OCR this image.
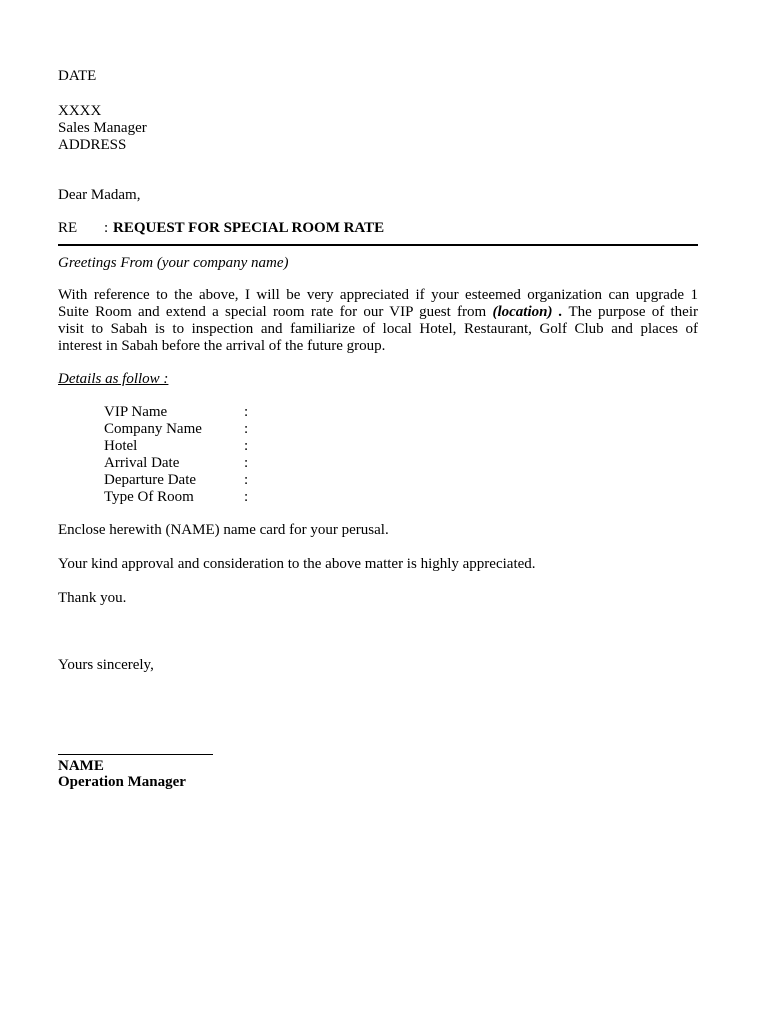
DATE
XXXX
Sales Manager
ADDRESS
Dear Madam,
RE : REQUEST FOR SPECIAL ROOM RATE
Greetings From (your company name)
With reference to the above, I will be very appreciated if your esteemed organization can upgrade 1
Suite Room and extend a special room rate for our VIP guest from (location) . The purpose of their
visit to Sabah is to inspection and familiarize of local Hotel, Restaurant, Golf Club and places of
interest in Sabah before the arrival of the future group.
Details as follow :
VIP Name	:
Company Name	:
Hotel	:
Arrival Date	:
Departure Date	:
Type Of Room	:
Enclose herewith (NAME) name card for your perusal.
Your kind approval and consideration to the above matter is highly appreciated.
Thank you.
Yours sincerely,
NAME
Operation Manager
